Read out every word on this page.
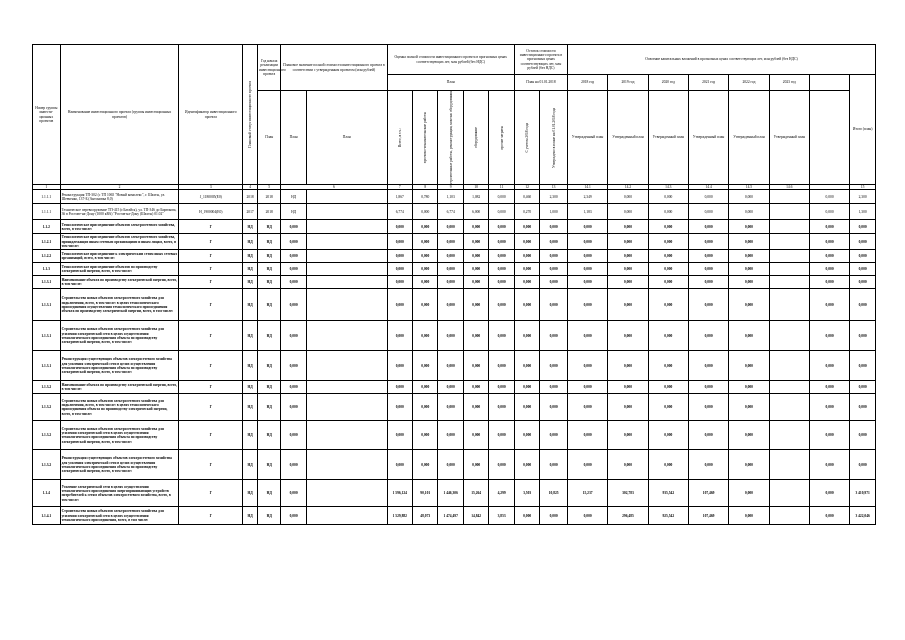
Номер группы инвести-ционных проектов	Наименование инвестиционного проекта (группы инвестиционных проектов)	Идентификатор инвестиционного проекта	Плановый статус инвестиционного проекта	Год начала реализации инвестиционного проекта	Плановое значение полной стоимости инвестиционного проекта в соответствии с утвержденным проектом (млн рублей)		Оценка полной стоимости инвестиционного проекта в прогнозных ценах соответствующих лет, млн рублей (без НДС)					Остаток стоимости инвестиционного проекта в прогнозных ценах соответствующих лет, млн рублей (без НДС)		Освоение капитальных вложений в прогнозных ценах соответствующих лет, млн рублей (без НДС)							
							План					План на 01.01.2018		2018 год	2019 год	2020 год	2021 год	2022 год	2023 год		Итого (план)
				План	План	План	Всего, в т.ч.:	проектно-изыскательские работы	строительные работы, реконструкция, монтаж оборудования	оборудование	прочие затраты	С учетом 2018 года	Утверждено в плане на 01.01.2018 года	Утвержденный план	Утвержденный план	Утвержденный план	Утвержденный план	Утвержденный план	Утвержденный план		
1	2	3	4	5	6		7	8	9	10	11	12	13	14.1	14.2	14.3	14.4	14.5	14.6		15
1.1.1.1	Реконструкция ТП-302 (с ТП 1065 "Новый комплекс", г. Шахты, ул. Шевченко, 137-Б (Антоновка 8,0)	J_1180005(E0)	2018	2018	НД		1,867	0,780	1,103	1,082	0,000	0,460	2,300	2,349	0,000	0,000	0,000	0,000		0,000	2,300
1.1.1.1	Техническое перевооружение ТП-415 (г.Батайск), ул. ТП-346 до Бирюкова, 36 в Ростове-на-Дону (1000 кВА) "Ростов-на-Дону (Шахты) 01.02"	H_1900004(E0)	2017	2018	НД		6,774	0,000	6,774	6,000	0,000	0,270	1,000	1,183	0,000	0,000	0,000	0,000		0,000	1,300
1.1.2	Технологическое присоединение объектов электросетевого хозяйства, всего, в том числе:	Г	НД	НД	0,000		0,000	0,000	0,000	0,000	0,000	0,000	0,000	0,000	0,000	0,000	0,000	0,000		0,000	0,000
1.1.2.1	Технологическое присоединение объектов электросетевого хозяйства, принадлежащих иным сетевым организациям и иным лицам, всего, в том числе:	Г	НД	НД	0,000		0,000	0,000	0,000	0,000	0,000	0,000	0,000	0,000	0,000	0,000	0,000	0,000		0,000	0,000
1.1.2.2	Технологическое присоединение к электрическим сетям иных сетевых организаций, всего, в том числе:	Г	НД	НД	0,000		0,000	0,000	0,000	0,000	0,000	0,000	0,000	0,000	0,000	0,000	0,000	0,000		0,000	0,000
1.1.3	Технологическое присоединение объектов по производству электрической энергии, всего, в том числе:	Г	НД	НД	0,000		0,000	0,000	0,000	0,000	0,000	0,000	0,000	0,000	0,000	0,000	0,000	0,000		0,000	0,000
1.1.3.1	Наименование объекта по производству электрической энергии, всего, в том числе:	Г	НД	НД	0,000		0,000	0,000	0,000	0,000	0,000	0,000	0,000	0,000	0,000	0,000	0,000	0,000		0,000	0,000
1.1.3.1	Строительство новых объектов электросетевого хозяйства для подключения, всего, в том числе: в целях технологического присоединения осуществления технологического присоединения объекта по производству электрической энергии, всего, в том числе:	Г	НД	НД	0,000		0,000	0,000	0,000	0,000	0,000	0,000	0,000	0,000	0,000	0,000	0,000	0,000		0,000	0,000
1.1.3.1	Строительство новых объектов электросетевого хозяйства для усиления электрической сети в целях осуществления технологического присоединения объекта по производству электрической энергии, всего, в том числе:	Г	НД	НД	0,000		0,000	0,000	0,000	0,000	0,000	0,000	0,000	0,000	0,000	0,000	0,000	0,000		0,000	0,000
1.1.3.1	Реконструкция существующих объектов электросетевого хозяйства для усиления электрической сети в целях осуществления технологического присоединения объекта по производству электрической энергии, всего, в том числе:	Г	НД	НД	0,000		0,000	0,000	0,000	0,000	0,000	0,000	0,000	0,000	0,000	0,000	0,000	0,000		0,000	0,000
1.1.3.2	Наименование объекта по производству электрической энергии, всего, в том числе:	Г	НД	НД	0,000		0,000	0,000	0,000	0,000	0,000	0,000	0,000	0,000	0,000	0,000	0,000	0,000		0,000	0,000
1.1.3.2	Строительство новых объектов электросетевого хозяйства для подключения, всего, в том числе: в целях технологического присоединения объекта по производству электрической энергии, всего, в том числе:	Г	НД	НД	0,000		0,000	0,000	0,000	0,000	0,000	0,000	0,000	0,000	0,000	0,000	0,000	0,000		0,000	0,000
1.1.3.2	Строительство новых объектов электросетевого хозяйства для усиления электрической сети в целях осуществления технологического присоединения объекта по производству электрической энергии, всего, в том числе:	Г	НД	НД	0,000		0,000	0,000	0,000	0,000	0,000	0,000	0,000	0,000	0,000	0,000	0,000	0,000		0,000	0,000
1.1.3.2	Реконструкция существующих объектов электросетевого хозяйства для усиления электрической сети в целях осуществления технологического присоединения объекта по производству электрической энергии, всего, в том числе:	Г	НД	НД	0,000		0,000	0,000	0,000	0,000	0,000	0,000	0,000	0,000	0,000	0,000	0,000	0,000		0,000	0,000
1.1.4	Усиление электрической сети в целях осуществления технологического присоединения энергопринимающих устройств потребителей к сетям объектов электросетевого хозяйства, всего, в том числе:	Г	НД	НД	0,000		1 596,124	90,101	1 446,306	15,264	4,299	3,503	10,825	15,237	302,783	935,542	107,469	0,000		0,000	3 410,971
1.1.4.1	Строительство новых объектов электросетевого хозяйства для усиления электрической сети в целях осуществления технологического присоединения, всего, в том числе:	Г	НД	НД	0,000		1 529,882	48,073	1 474,497	14,842	3,853	0,000	0,000	0,000	296,485	925,542	107,469	0,000		0,000	3 422,046
